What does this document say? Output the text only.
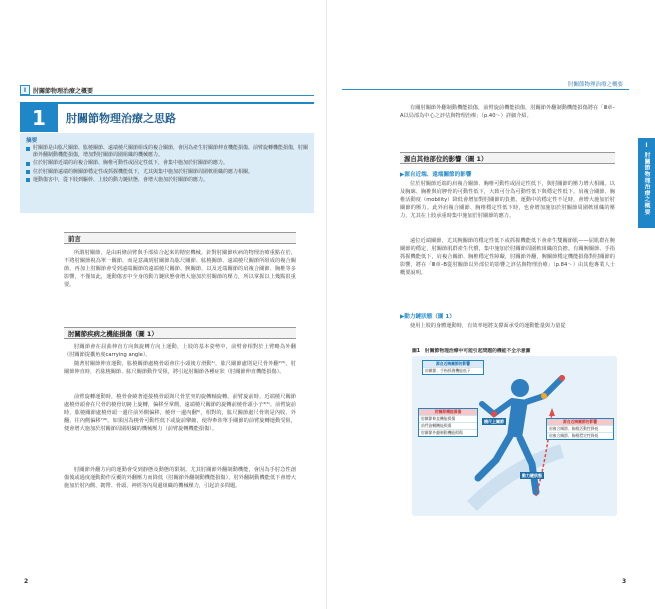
I	肘關節物理治療之概要
1	肘關節物理治療之思路
摘要
肘關節是由肱尺關節、肱橈關節、遠端橈尺關節組成的複合關節，會因為產生肘關節伸直機能損傷、前臂旋轉機能損傷，肘關節外翻制動機能損傷，增加對肘關節周圍組織的機械應力。
位於肘關節近端的肩複合關節、胸椎可動性或固定性低下，會集中施加於肘關節的應力。
位於肘關節遠端的腕關節穩定性或抓握機能低下，尤其與集中施加於肘關節周圍軟組織的應力相關。
運動傷害中，從下肢到驅幹、上肢的動力鏈狀態，會增大施加於肘關節的應力。
前言

所謂肘關節，是由兩條前臂與手部結合起來的精密機械。針對肘關節疾病的物理治療重點在於，不將肘關節視為單一關節，而是意識到肘關節為肱尺關節、肱橈關節、遠端橈尺關節所組成的複合關節，再加上肘關節會受到遠端關節的遠端橈尺關節、腕關節，以及近端關節的肩複合關節、胸椎等多影響，不僅如此，運動傷害中全身的動力鏈狀態會增大施加於肘關節的壓力，所以掌握以上幾點很重要。

肘關節疾病之機能損傷（圖 1）

肘關節會在屈曲伸直方向與旋轉方向上運動，上肢的基本姿勢中，前臂會相對於上臂略為外翻（肘關節提攜角度carrying angle）。

隨著肘關節伸直運動，肱橈關節處橈骨頭會往小頭後方滑動¹⁾，肱尺關節處則是尺骨外翻²⁾³⁾。肘關節伸直時，若肱橈關節、肱尺關節動作受阻，將引起肘關節各種症狀（肘關節伸直機能損傷）。

前臂旋轉運動時，橈骨會繞著連接橈骨頭與尺骨莖突的旋轉軸旋轉。前臂旋前時，近端橈尺關節處橈骨頭會在尺骨的橈骨切跡上旋轉，偏移至掌側，遠端橈尺關節的旋轉前橈骨頭小子⁴⁾⁵⁾。前臂旋前時，肱橈關節處橈骨頭一邊往前外側偏移，橈骨一邊內翻⁶⁾，相對的，肱尺關節處尺骨則是內收、外翻，往內側偏移⁷⁾⁸⁾。如果因為橈骨可動性低下或旋前攣縮，使得牽涉單手關節的前臂旋轉運動受阻，便會增大施加於肘關節周圍組織的機械壓力（前臂旋轉機能損傷）。

肘關節外翻方向的運動會受到靜態及動態的限制。尤其肘關節外翻制動機能，會因為手肘急性創傷後或過度運動動作反覆的外翻壓力而降低（肘關節外翻制動機能損傷），肘外翻制動機能低下會增大施加於肘內側、韌帶、骨頭、神經等內周邊組織的機械壓力，引起許多問題。

2
肘關節物理治療之概要

有關肘關節外翻制動機能損傷，前臂旋前機能損傷，肘關節外翻制動機能損傷將在「Ⅲ章–A以局部為中心之評估與物理治療」（p.40～）詳細介紹。

源自其他部位的影響（圖 1）
▶源自近端、遠端關節的影響

位於肘關節近端的肩複合關節、胸椎可動性或固定性低下，與肘關節的壓力增大相關。以及胸廓、胸椎與肩胛骨的可動性低下，大致可分為可動性低下與穩定性低下。肩複合關節、胸椎活動度（mobility）降低會增加對肘關節的負擔。運動中的穩定性不足時，會增大施加於肘關節的壓力。此外肩複合關節、胸椎穩定性低下時，也會增加施加於肘關節周圍軟組織的壓力，尤其在上肢承重時集中施加於肘關節的應力。

遠位近端關節，尤其腕關節的穩定性低下或抓握機能低下會產生雙關節肌——屈肌群在腕關節的穩定，肘關節肌群產生代償，集中施加於肘關節周圍軟組織的負擔。有關腕關節、手指抓握機能低下，肩複合關節、胸椎穩定性障礙，肘關節外翻，腕關節穩定機能損傷對肘關節的影響，將在「Ⅲ章–B從肘關節以外部位的影響之評估與物理治療」（p.84～）由其他專業人士概要說明。

▶動力鏈狀態（圖 1）

使用上肢的身體運動時，有效率地將支撐面承受的運動能量與力量從

圖1　肘關節物理治療中可能引起問題的機能不全示意圖
源自近端關節的影響
肩關節、手指抓握機能低下
肘關節機能損傷
肘關節伸直機能損傷
前臂旋轉機能損傷
肘關節外翻制動機能損傷
橈尺上關節	源自近端關節的影響
肩複合關節、胸椎活動性降低
肩複合關節、胸椎穩定性降低
動力鏈狀態
I
肘關節物理治療之概要
3
